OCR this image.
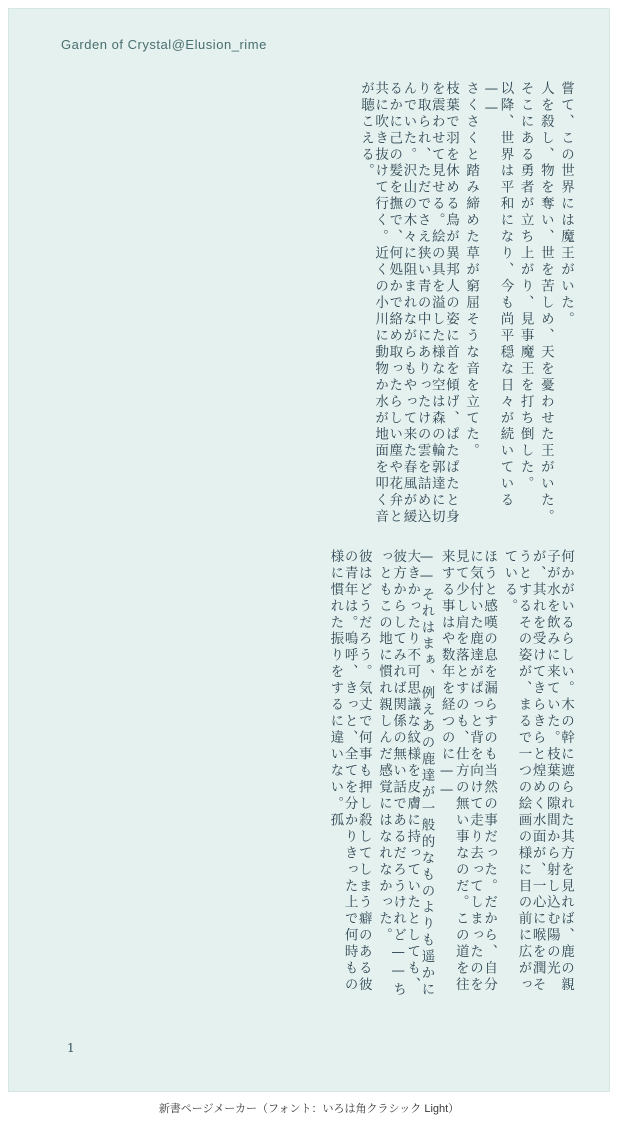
Garden of Crystal@Elusion_rime
嘗て、この世界には魔王がいた。
人を殺し、物を奪い、世を苦しめ、天を憂わせた王がいた。
そこにある勇者が立ち上がり、見事魔王を打ち倒した。
以降、世界は平和になり、今も尚平穏な日々が続いている——
さくさくと踏み締めた草が窮屈そうな音を立てた。
枝葉で羽を休める鳥が異邦人の姿に首を傾げ、ぱたぱたと身を震わせて見せる。絵の具を溢した様な空は森の輪郭達に切り取られ、ただでさえ狭い青の中にありったけの雲を詰め込んでいた。沢山の木々に阻まれながらもやって来た春風が緩るかに己の髪を撫で、何処かで絡め取ったらしい塵や花弁と共に吹き抜けて行く。近くの小川に動物か水が地面を叩く音が聴こえる。
何かがいるらしい。木の幹に遮られた其方を見れば、鹿の親子が水を飲みに来ていた。枝葉の隙間から射し込む陽の光が、其れを受けてきらきらと煌めく水面が、一心に喉を潤そうとするその姿が、まるで一つの絵画の様に目の前に広がっている。
ほうと感嘆の息を漏らすのも当然の事だった。だから、自分に気付いた鹿達がぱっと背を向けて走り去ってしまったのを見て少し肩を落とすのも、仕方の無い事なのだ。この道を往来する事はや数年を経つのに——
——それはまぁ、例えあの鹿達が一般的なものよりも遥かに大きかったり不可思議な紋様を皮膚に持っていたとしても、彼方からしてみれば関係の無い話であるだろうけれど——ちっともこの地に慣れ親しんだ感覚にはなれなかった。
彼はどうだろう。気丈で何事も押し殺してしまう癖のある彼の青年は。嗚呼、きっと、全てを分かりきった上で何時もの様に慣れた振りをするに違いない。孤
1
新書ページメーカー（フォント：いろは角クラシック Light）
